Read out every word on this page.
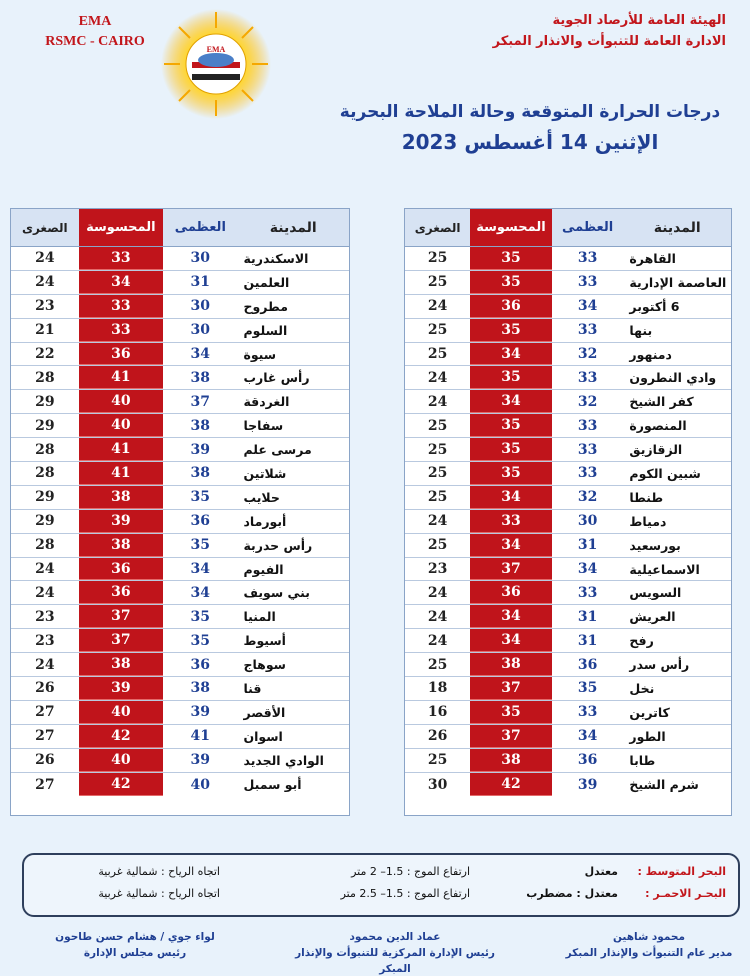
EMA
RSMC - CAIRO
EMA
الهيئة العامة للأرصاد الجوية
الادارة العامة للتنبوأت والانذار المبكر
درجات الحرارة المتوقعة وحالة الملاحة البحرية
الإثنين 14 أغسطس 2023
المدينة
العظمى
المحسوسة
الصغرى
القاهرة
33
35
25
العاصمة الإدارية
33
35
25
6 أكتوبر
34
36
24
بنها
33
35
25
دمنهور
32
34
25
وادي النطرون
33
35
24
كفر الشيخ
32
34
24
المنصورة
33
35
25
الزقازيق
33
35
25
شبين الكوم
33
35
25
طنطا
32
34
25
دمياط
30
33
24
بورسعيد
31
34
25
الاسماعيلية
34
37
23
السويس
33
36
24
العريش
31
34
24
رفح
31
34
24
رأس سدر
36
38
25
نخل
35
37
18
كاترين
33
35
16
الطور
34
37
26
طابا
36
38
25
شرم الشيخ
39
42
30
المدينة
العظمى
المحسوسة
الصغرى
الاسكندرية
30
33
24
العلمين
31
34
24
مطروح
30
33
23
السلوم
30
33
21
سيوة
34
36
22
رأس غارب
38
41
28
الغردقة
37
40
29
سفاجا
38
40
29
مرسى علم
39
41
28
شلاتين
38
41
28
حلايب
35
38
29
أبورماد
36
39
29
رأس حدربة
35
38
28
الفيوم
34
36
24
بني سويف
34
36
24
المنيا
35
37
23
أسيوط
35
37
23
سوهاج
36
38
24
قنا
38
39
26
الأقصر
39
40
27
اسوان
41
42
27
الوادي الجديد
39
40
26
أبو سمبل
40
42
27
البحر المتوسط :
معتدل
ارتفاع الموج : 1.5– 2 متر
اتجاه الرياح : شمالية غربية
البحـر الاحمـر :
معتدل : مضطرب
ارتفاع الموج : 1.5– 2.5 متر
اتجاه الرياح : شمالية غربية
محمود شاهين
مدير عام التنبوأت والإنذار المبكر
عماد الدين محمود
رئيس الإدارة المركزية للتنبوأت والإنذار المبكر
لواء جوي / هشام حسن طاحون
رئيس مجلس الإدارة
